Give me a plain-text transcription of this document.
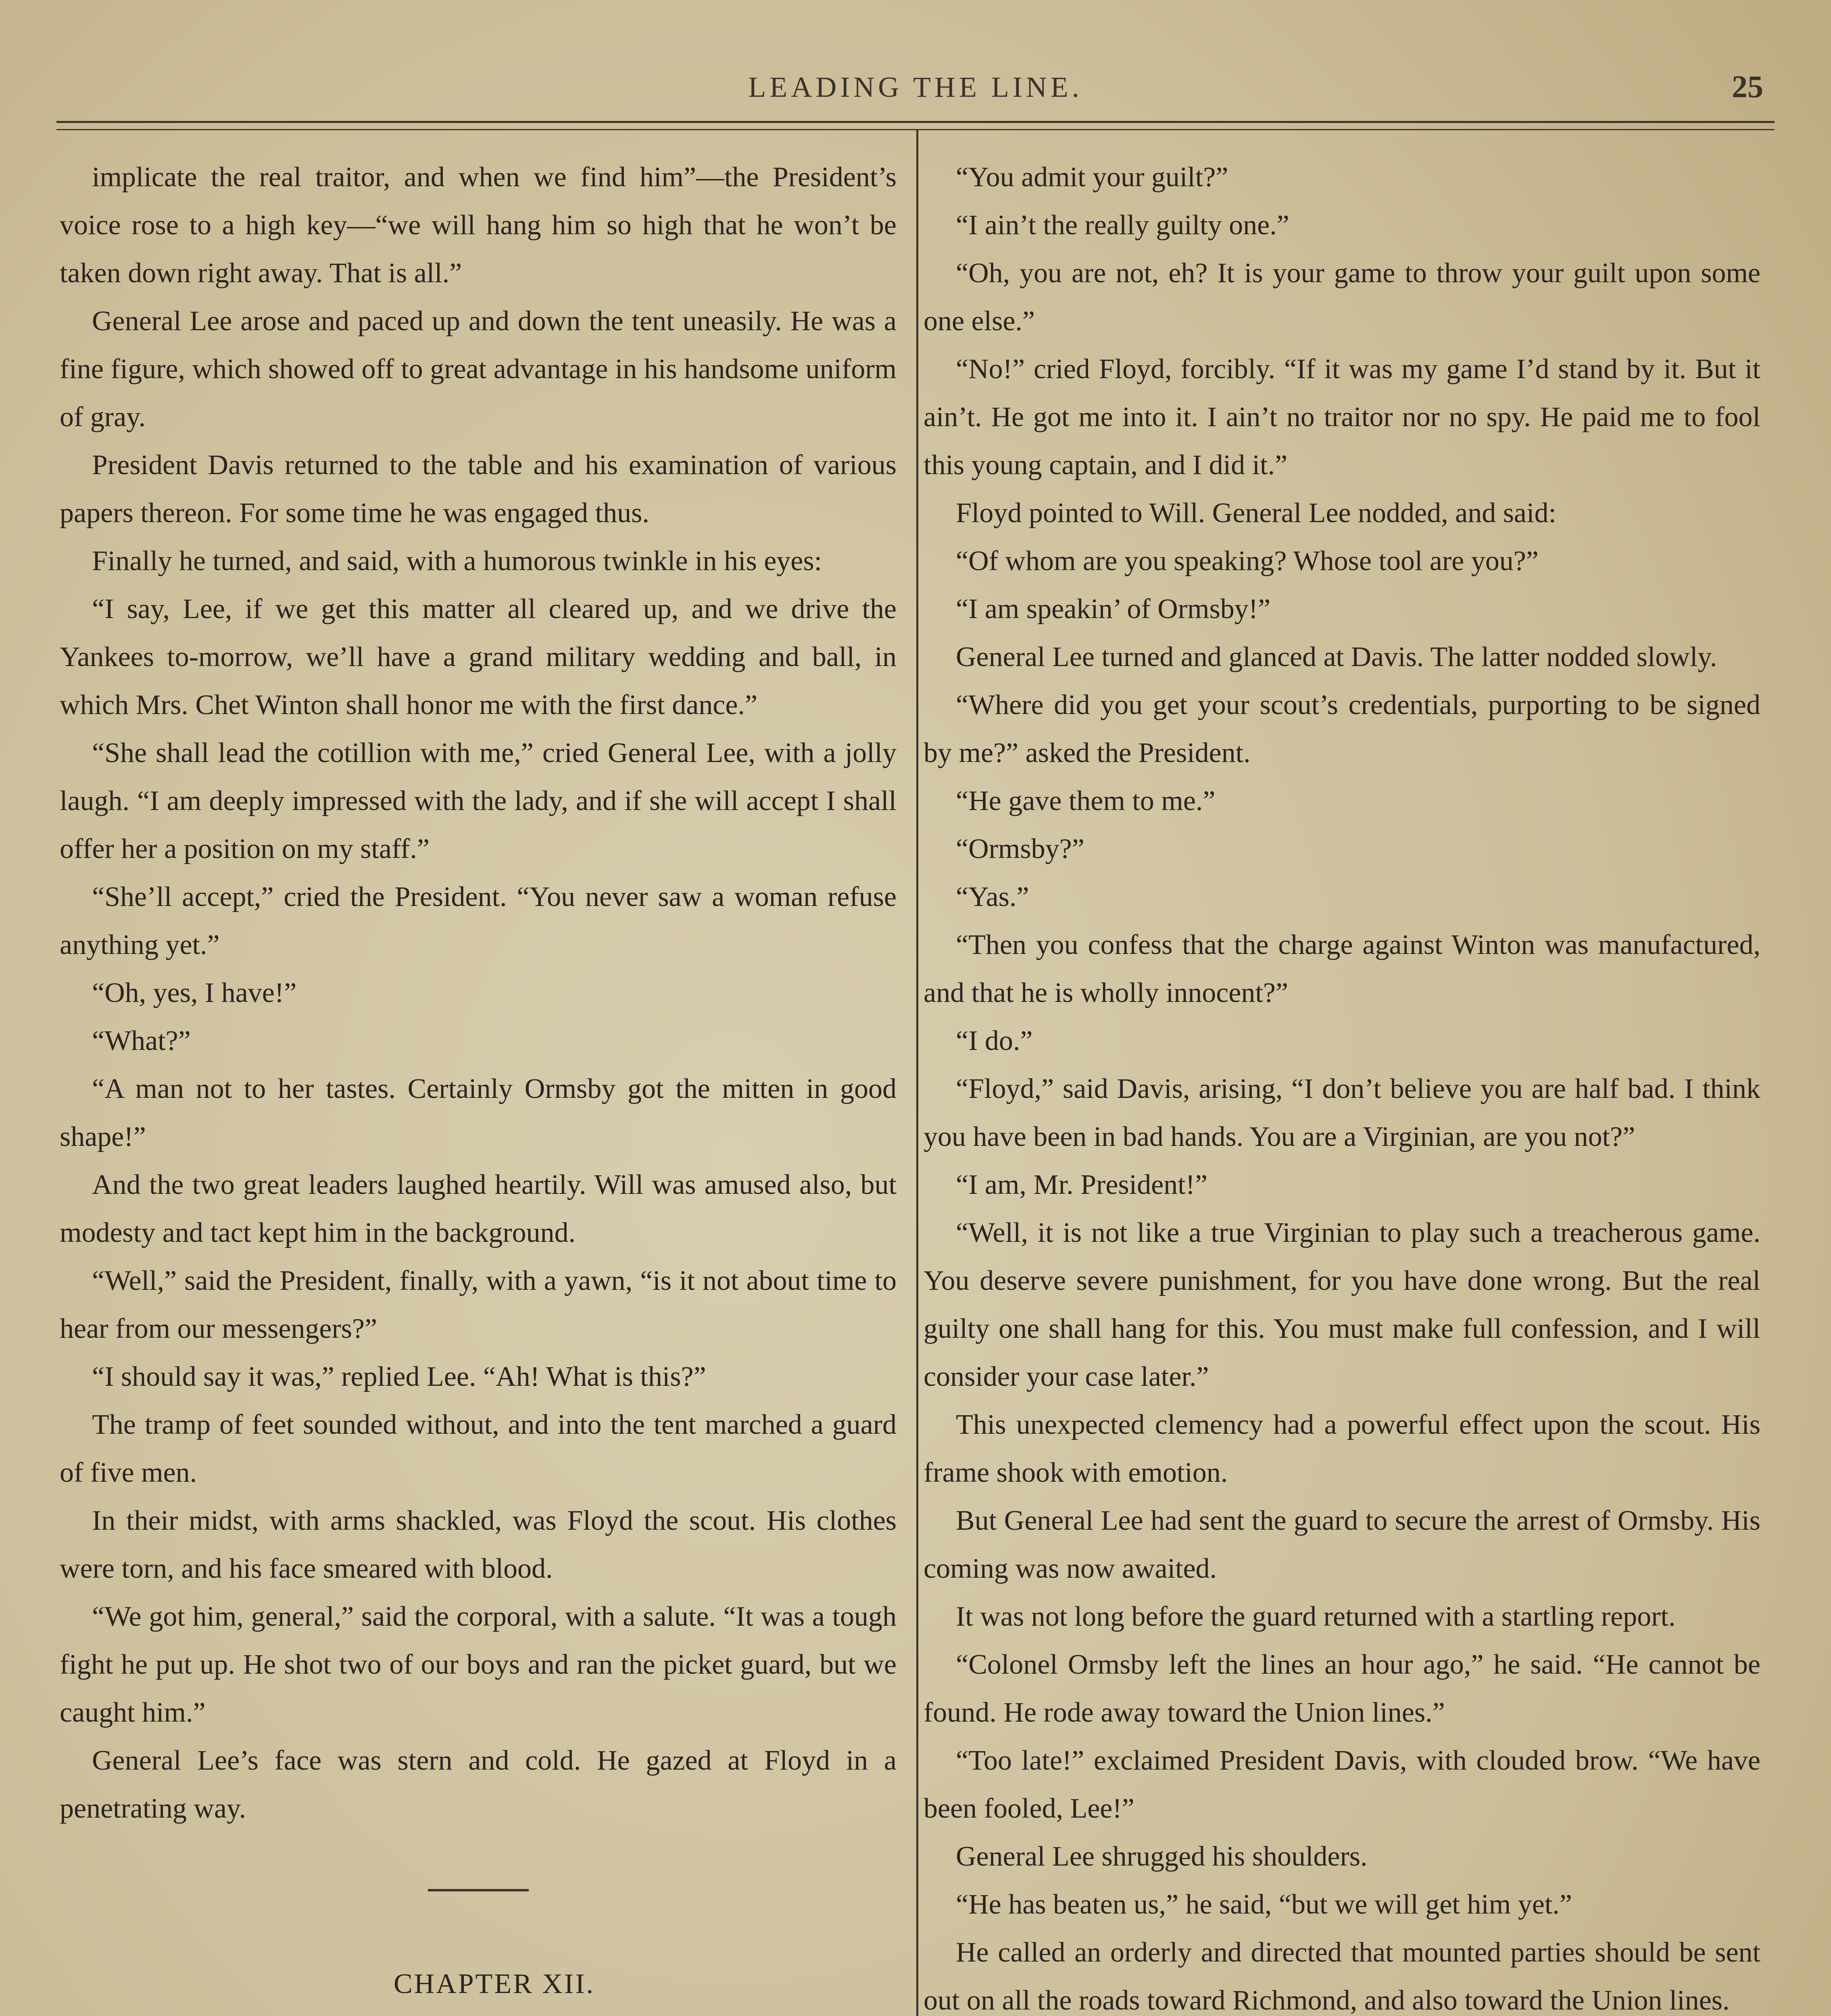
LEADING THE LINE.	25

implicate the real traitor, and when we find him”—the President’s voice rose to a high key—“we will hang him so high that he won’t be taken down right away. That is all.”

General Lee arose and paced up and down the tent uneasily. He was a fine figure, which showed off to great advantage in his handsome uniform of gray.

President Davis returned to the table and his examination of various papers thereon. For some time he was engaged thus.

Finally he turned, and said, with a humorous twinkle in his eyes:

“I say, Lee, if we get this matter all cleared up, and we drive the Yankees to-morrow, we’ll have a grand military wedding and ball, in which Mrs. Chet Winton shall honor me with the first dance.”

“She shall lead the cotillion with me,” cried General Lee, with a jolly laugh. “I am deeply impressed with the lady, and if she will accept I shall offer her a position on my staff.”

“She’ll accept,” cried the President. “You never saw a woman refuse anything yet.”

“Oh, yes, I have!”

“What?”

“A man not to her tastes. Certainly Ormsby got the mitten in good shape!”

And the two great leaders laughed heartily. Will was amused also, but modesty and tact kept him in the background.

“Well,” said the President, finally, with a yawn, “is it not about time to hear from our messengers?”

“I should say it was,” replied Lee. “Ah! What is this?”

The tramp of feet sounded without, and into the tent marched a guard of five men.

In their midst, with arms shackled, was Floyd the scout. His clothes were torn, and his face smeared with blood.

“We got him, general,” said the corporal, with a salute. “It was a tough fight he put up. He shot two of our boys and ran the picket guard, but we caught him.”

General Lee’s face was stern and cold. He gazed at Floyd in a penetrating way.

CHAPTER XII.

“You admit your guilt?”

“I ain’t the really guilty one.”

“Oh, you are not, eh? It is your game to throw your guilt upon some one else.”

“No!” cried Floyd, forcibly. “If it was my game I’d stand by it. But it ain’t. He got me into it. I ain’t no traitor nor no spy. He paid me to fool this young captain, and I did it.”

Floyd pointed to Will. General Lee nodded, and said:

“Of whom are you speaking? Whose tool are you?”

“I am speakin’ of Ormsby!”

General Lee turned and glanced at Davis. The latter nodded slowly.

“Where did you get your scout’s credentials, purporting to be signed by me?” asked the President.

“He gave them to me.”

“Ormsby?”

“Yas.”

“Then you confess that the charge against Winton was manufactured, and that he is wholly innocent?”

“I do.”

“Floyd,” said Davis, arising, “I don’t believe you are half bad. I think you have been in bad hands. You are a Virginian, are you not?”

“I am, Mr. President!”

“Well, it is not like a true Virginian to play such a treacherous game. You deserve severe punishment, for you have done wrong. But the real guilty one shall hang for this. You must make full confession, and I will consider your case later.”

This unexpected clemency had a powerful effect upon the scout. His frame shook with emotion.

But General Lee had sent the guard to secure the arrest of Ormsby. His coming was now awaited.

It was not long before the guard returned with a startling report.

“Colonel Ormsby left the lines an hour ago,” he said. “He cannot be found. He rode away toward the Union lines.”

“Too late!” exclaimed President Davis, with clouded brow. “We have been fooled, Lee!”

General Lee shrugged his shoulders.

“He has beaten us,” he said, “but we will get him yet.”

He called an orderly and directed that mounted parties should be sent out on all the roads toward Richmond, and also toward the Union lines.
